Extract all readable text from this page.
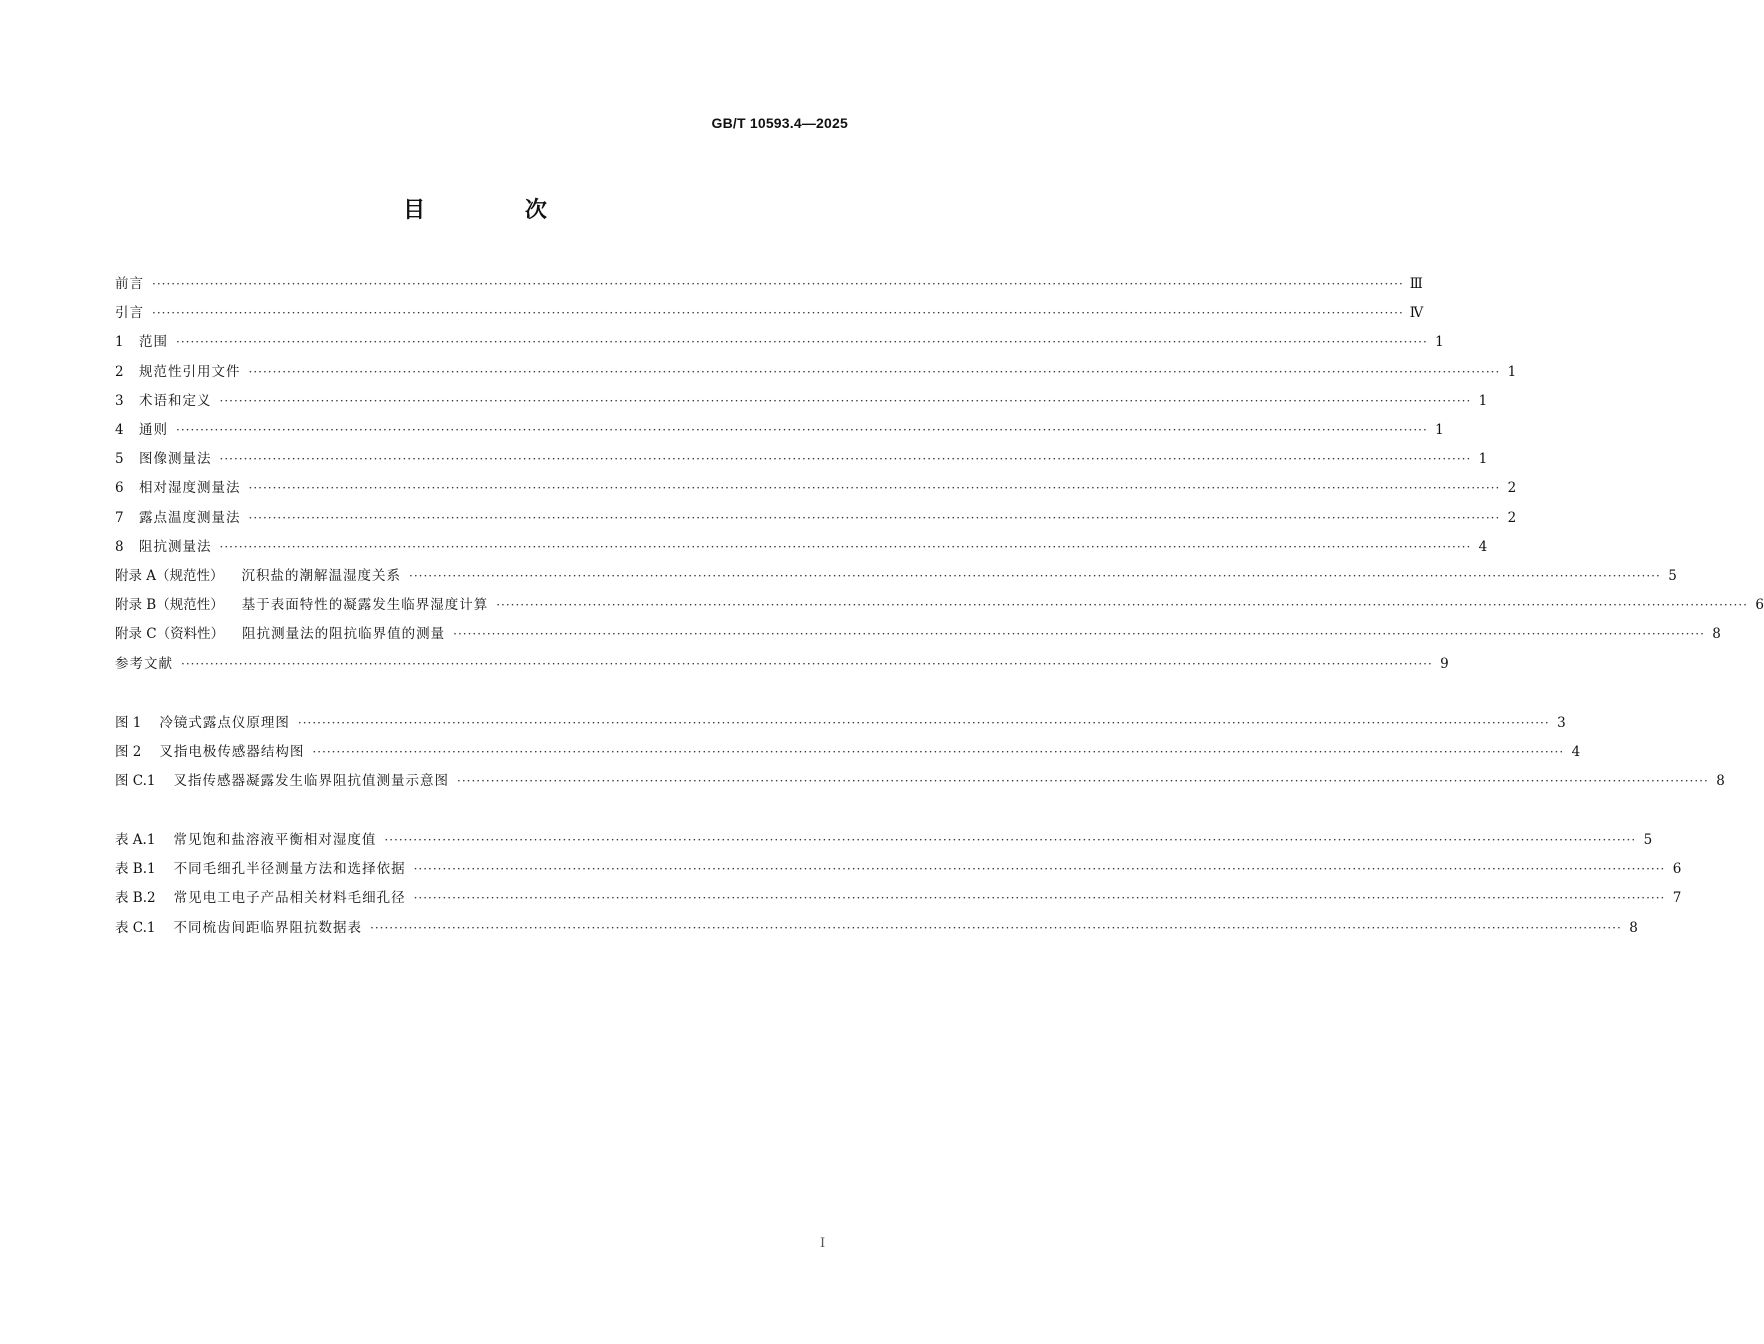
GB/T 10593.4—2025
目 次
I
前言 ···································································································································································································································································· Ⅲ
引言 ···································································································································································································································································· Ⅳ
1	范围 ···································································································································································································································································· 1
2	规范性引用文件 ···································································································································································································································································· 1
3	术语和定义 ···································································································································································································································································· 1
4	通则 ···································································································································································································································································· 1
5	图像测量法 ···································································································································································································································································· 1
6	相对湿度测量法 ···································································································································································································································································· 2
7	露点温度测量法 ···································································································································································································································································· 2
8	阻抗测量法 ···································································································································································································································································· 4
附录 A（规范性） 沉积盐的潮解温湿度关系 ···································································································································································································································································· 5
附录 B（规范性） 基于表面特性的凝露发生临界湿度计算 ···································································································································································································································································· 6
附录 C（资料性） 阻抗测量法的阻抗临界值的测量 ···································································································································································································································································· 8
参考文献 ···································································································································································································································································· 9
图 1 冷镜式露点仪原理图 ···································································································································································································································································· 3
图 2 叉指电极传感器结构图 ···································································································································································································································································· 4
图 C.1 叉指传感器凝露发生临界阻抗值测量示意图 ···································································································································································································································································· 8
表 A.1 常见饱和盐溶液平衡相对湿度值 ···································································································································································································································································· 5
表 B.1 不同毛细孔半径测量方法和选择依据 ···································································································································································································································································· 6
表 B.2 常见电工电子产品相关材料毛细孔径 ···································································································································································································································································· 7
表 C.1 不同梳齿间距临界阻抗数据表 ···································································································································································································································································· 8
